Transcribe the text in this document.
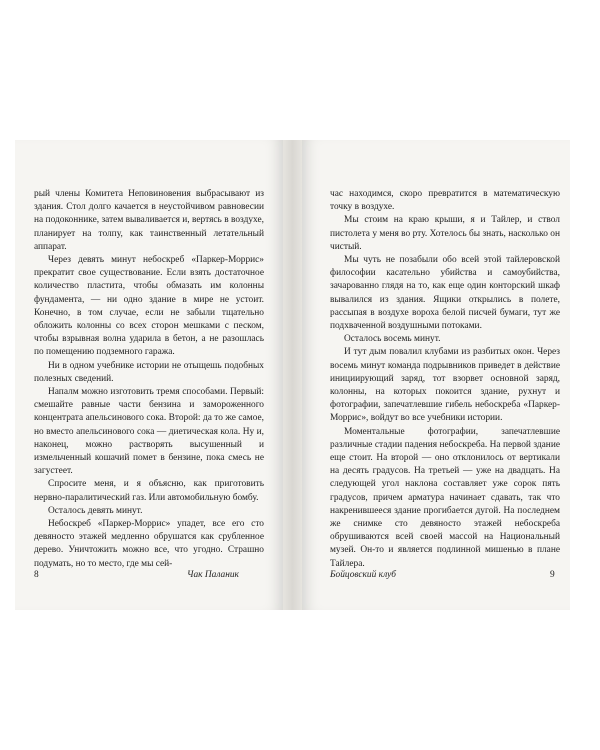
рый члены Комитета Неповиновения выбрасывают из здания. Стол долго качается в неустойчивом равновесии на подоконнике, затем вываливается и, вертясь в воздухе, планирует на толпу, как таинственный летательный аппарат.

Через девять минут небоскреб «Паркер-Моррис» прекратит свое существование. Если взять достаточное количество пластита, чтобы обмазать им колонны фундамента, — ни одно здание в мире не устоит. Конечно, в том случае, если не забыли тщательно обложить колонны со всех сторон мешками с песком, чтобы взрывная волна ударила в бетон, а не разошлась по помещению подземного гаража.

Ни в одном учебнике истории не отыщешь подобных полезных сведений.

Напалм можно изготовить тремя способами. Первый: смешайте равные части бензина и замороженного концентрата апельсинового сока. Второй: да то же самое, но вместо апельсинового сока — диетическая кола. Ну и, наконец, можно растворять высушенный и измельченный кошачий помет в бензине, пока смесь не загустеет.

Спросите меня, и я объясню, как приготовить нервно-паралитический газ. Или автомобильную бомбу.

Осталось девять минут.

Небоскреб «Паркер-Моррис» упадет, все его сто девяносто этажей медленно обрушатся как срубленное дерево. Уничтожить можно все, что угодно. Страшно подумать, но то место, где мы сей-

8	Чак Паланик

час находимся, скоро превратится в математическую точку в воздухе.

Мы стоим на краю крыши, я и Тайлер, и ствол пистолета у меня во рту. Хотелось бы знать, насколько он чистый.

Мы чуть не позабыли обо всей этой тайлеровской философии касательно убийства и самоубийства, зачарованно глядя на то, как еще один конторский шкаф вывалился из здания. Ящики открылись в полете, рассыпая в воздухе вороха белой писчей бумаги, тут же подхваченной воздушными потоками.

Осталось восемь минут.

И тут дым повалил клубами из разбитых окон. Через восемь минут команда подрывников приведет в действие инициирующий заряд, тот взорвет основной заряд, колонны, на которых покоится здание, рухнут и фотографии, запечатлевшие гибель небоскреба «Паркер-Моррис», войдут во все учебники истории.

Моментальные фотографии, запечатлевшие различные стадии падения небоскреба. На первой здание еще стоит. На второй — оно отклонилось от вертикали на десять градусов. На третьей — уже на двадцать. На следующей угол наклона составляет уже сорок пять градусов, причем арматура начинает сдавать, так что накренившееся здание прогибается дугой. На последнем же снимке сто девяносто этажей небоскреба обрушиваются всей своей массой на Национальный музей. Он-то и является подлинной мишенью в плане Тайлера.

Бойцовский клуб	9
